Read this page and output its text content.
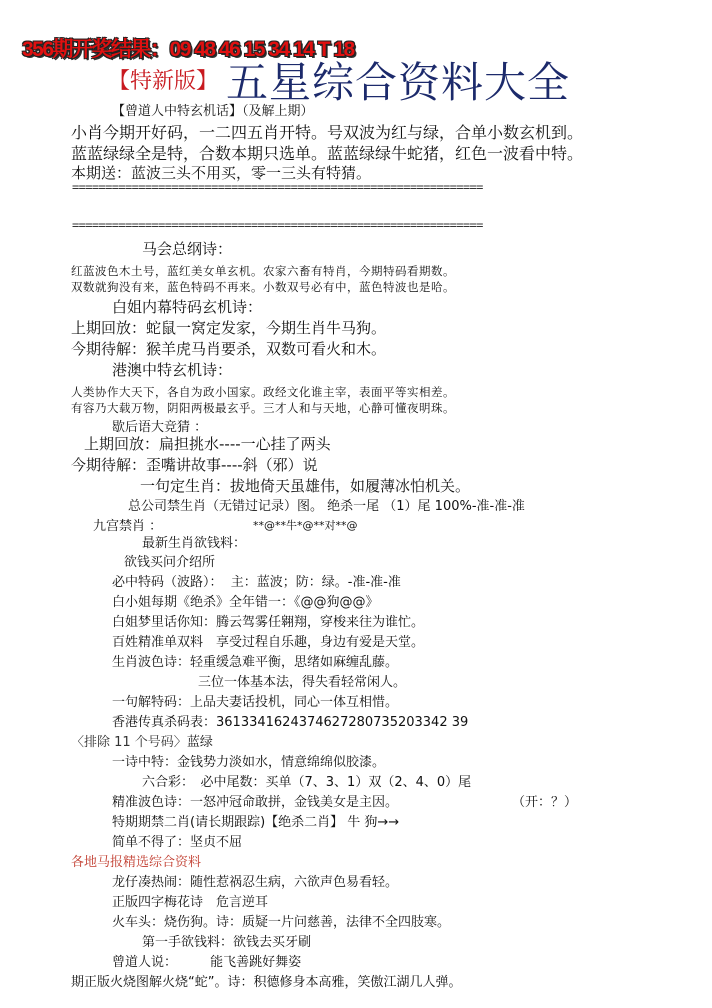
356期开奖结果：09 48 46 15 34 14 T 18
【特新版】 五星综合资料大全
【曾道人中特玄机话】（及解上期）
小肖今期开好码，一二四五肖开特。号双波为红与绿，合单小数玄机到。
蓝蓝绿绿全是特，合数本期只选单。蓝蓝绿绿牛蛇猪，红色一波看中特。
本期送：蓝波三头不用买，零一三头有特猜。
==============================================================
==============================================================
马会总纲诗：
红蓝波色木土号，蓝红美女单玄机。农家六畜有特肖，今期特码看期数。
双数就狗没有来，蓝色特码不再来。小数双号必有中，蓝色特波也是哈。
白姐内幕特码玄机诗：
上期回放：蛇鼠一窝定发家，今期生肖牛马狗。
今期待解：猴羊虎马肖要杀，双数可看火和木。
港澳中特玄机诗：
人类协作大天下，各自为政小国家。政经文化谁主宰，表面平等实相差。
有容乃大载万物，阴阳两极最玄乎。三才人和与天地，心静可懂夜明珠。
歇后语大竞猜 ：
上期回放：扁担挑水----一心挂了两头
今期待解：歪嘴讲故事----斜（邪）说
一句定生肖：拔地倚天虽雄伟，如履薄冰怕机关。
总公司禁生肖（无错过记录）图。 绝杀一尾 （1）尾 100%-准-准-准
九宫禁肖 ：	**@**牛*@**对**@
最新生肖欲钱料：
欲钱买问介绍所
必中特码（波路）： 主：蓝波；防：绿。-准-准-准
白小姐每期《绝杀》全年错一：《@@狗@@》
白姐梦里话你知：腾云驾雾任翱翔，穿梭来往为谁忙。
百姓精准单双料　享受过程自乐趣，身边有爱是天堂。
生肖波色诗：轻重缓急难平衡，思绪如麻缠乱藤。
三位一体基本法，得失看轻常闲人。
一句解特码：上品夫妻话投机，同心一体互相惜。
香港传真杀码表：3613341624374627280735203342 39
〈排除 11 个号码〉蓝绿
一诗中特：金钱势力淡如水，情意绵绵似胶漆。
六合彩：　必中尾数：买单（7、3、1）双（2、4、0）尾
精准波色诗：一怒冲冠命敢拼，金钱美女是主因。	（开：？）
特期期禁二肖(请长期跟踪)【绝杀二肖】 牛 狗→→
简单不得了：坚贞不屈
各地马报精选综合资料
龙仔凑热闹：随性惹祸忍生病，六欲声色易看轻。
正版四字梅花诗　危言逆耳
火车头：烧伤狗。诗：质疑一片问慈善，法律不全四肢寒。
第一手欲钱料：欲钱去买牙刷
曾道人说：	能飞善跳好舞姿
期正版火烧图解火烧“蛇”。诗：积德修身本高雅，笑傲江湖几人弹。
